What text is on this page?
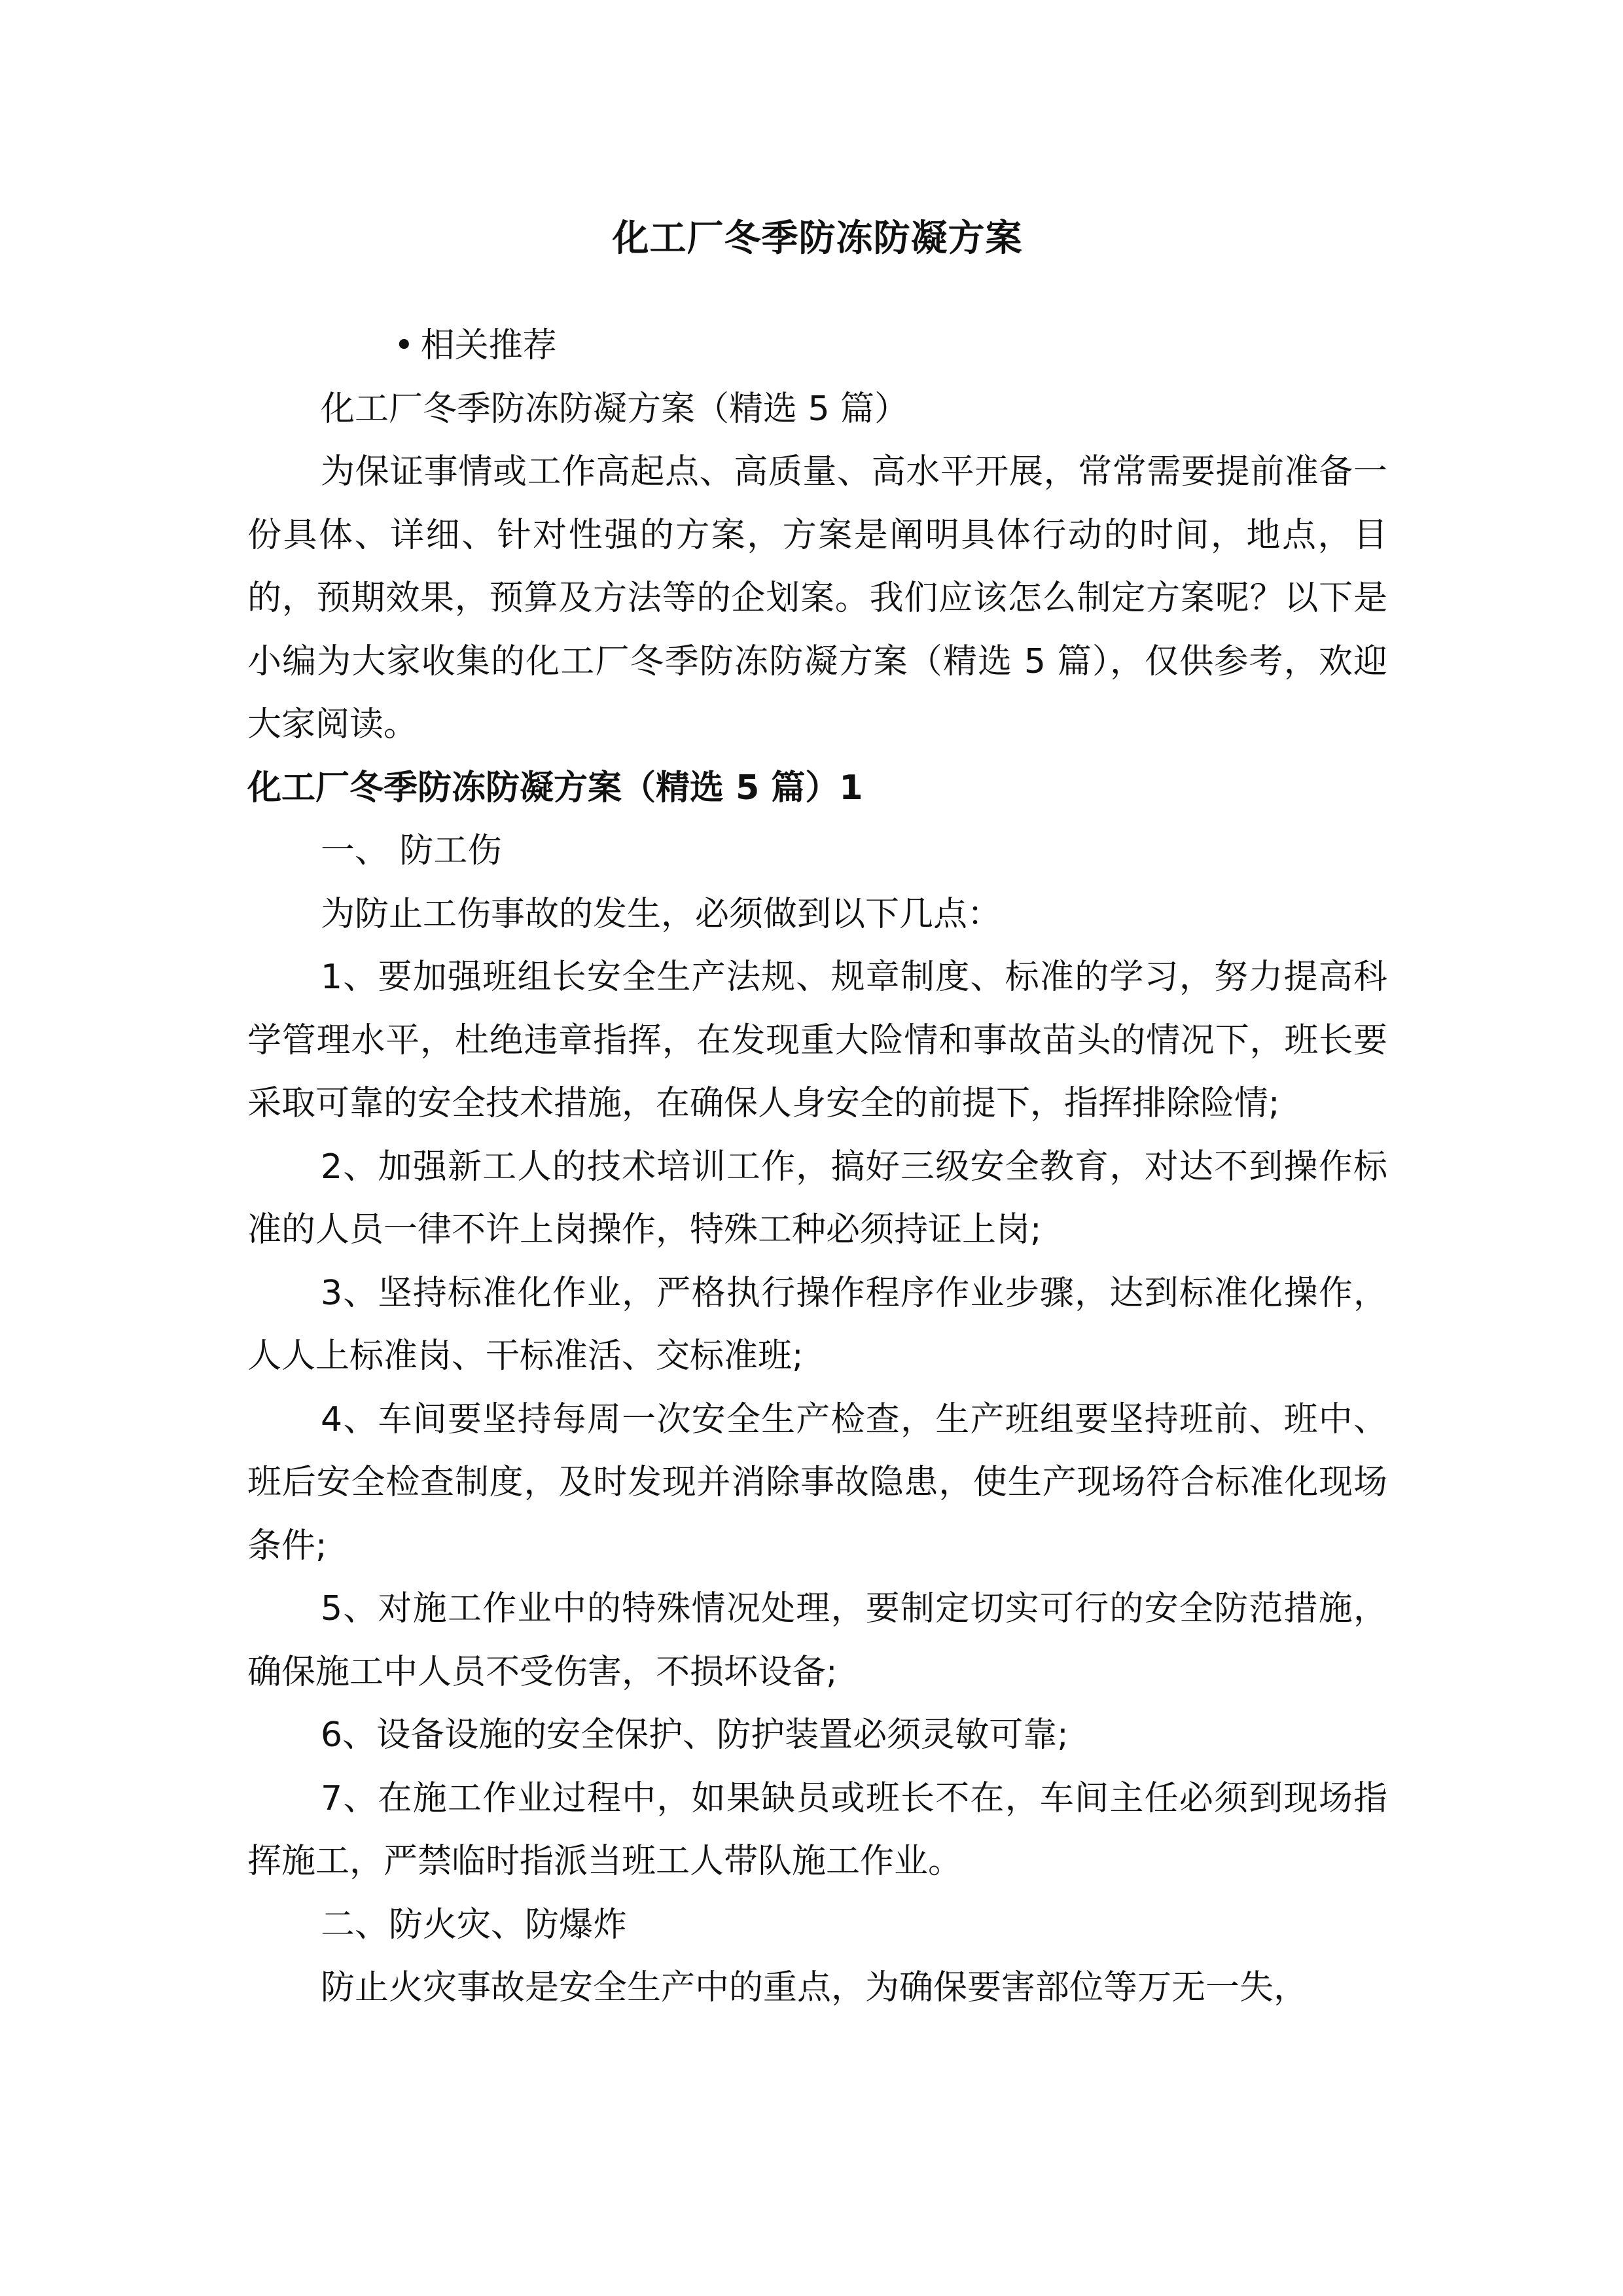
化工厂冬季防冻防凝方案

• 相关推荐

化工厂冬季防冻防凝方案（精选 5 篇）

为保证事情或工作高起点、高质量、高水平开展，常常需要提前准备一份具体、详细、针对性强的方案，方案是阐明具体行动的时间，地点，目的，预期效果，预算及方法等的企划案。我们应该怎么制定方案呢？以下是小编为大家收集的化工厂冬季防冻防凝方案（精选 5 篇），仅供参考，欢迎大家阅读。

化工厂冬季防冻防凝方案（精选 5 篇）1

一、 防工伤

为防止工伤事故的发生，必须做到以下几点：

1、要加强班组长安全生产法规、规章制度、标准的学习，努力提高科学管理水平，杜绝违章指挥，在发现重大险情和事故苗头的情况下，班长要采取可靠的安全技术措施，在确保人身安全的前提下，指挥排除险情;

2、加强新工人的技术培训工作，搞好三级安全教育，对达不到操作标准的人员一律不许上岗操作，特殊工种必须持证上岗;

3、坚持标准化作业，严格执行操作程序作业步骤，达到标准化操作，人人上标准岗、干标准活、交标准班;

4、车间要坚持每周一次安全生产检查，生产班组要坚持班前、班中、班后安全检查制度，及时发现并消除事故隐患，使生产现场符合标准化现场条件;

5、对施工作业中的特殊情况处理，要制定切实可行的安全防范措施，确保施工中人员不受伤害，不损坏设备;

6、设备设施的安全保护、防护装置必须灵敏可靠;

7、在施工作业过程中，如果缺员或班长不在，车间主任必须到现场指挥施工，严禁临时指派当班工人带队施工作业。

二、防火灾、防爆炸

防止火灾事故是安全生产中的重点，为确保要害部位等万无一失，
